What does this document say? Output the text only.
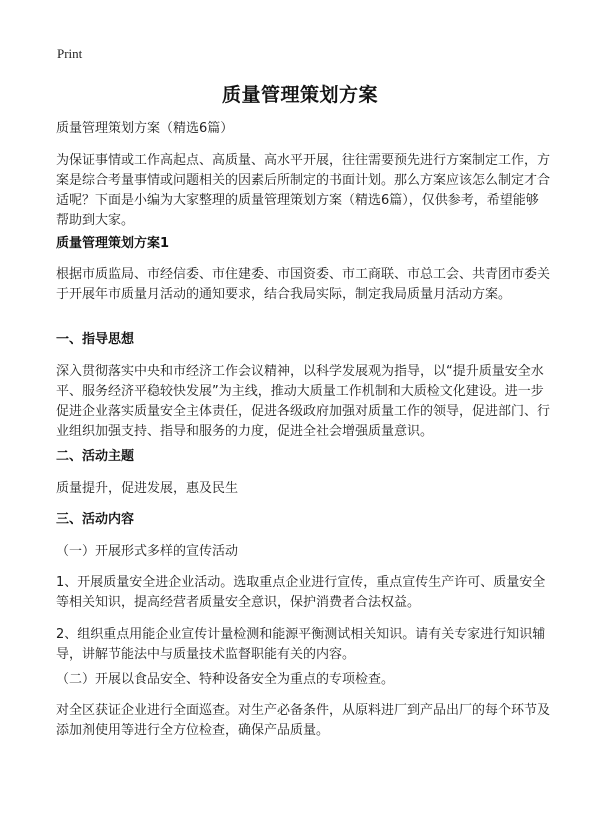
Print
质量管理策划方案
质量管理策划方案（精选6篇）
为保证事情或工作高起点、高质量、高水平开展，往往需要预先进行方案制定工作，方案是综合考量事情或问题相关的因素后所制定的书面计划。那么方案应该怎么制定才合适呢？下面是小编为大家整理的质量管理策划方案（精选6篇），仅供参考，希望能够帮助到大家。
质量管理策划方案1
根据市质监局、市经信委、市住建委、市国资委、市工商联、市总工会、共青团市委关于开展年市质量月活动的通知要求，结合我局实际，制定我局质量月活动方案。
一、指导思想
深入贯彻落实中央和市经济工作会议精神，以科学发展观为指导，以“提升质量安全水平、服务经济平稳较快发展”为主线，推动大质量工作机制和大质检文化建设。进一步促进企业落实质量安全主体责任，促进各级政府加强对质量工作的领导，促进部门、行业组织加强支持、指导和服务的力度，促进全社会增强质量意识。
二、活动主题
质量提升，促进发展，惠及民生
三、活动内容
（一）开展形式多样的宣传活动
1、开展质量安全进企业活动。选取重点企业进行宣传，重点宣传生产许可、质量安全等相关知识，提高经营者质量安全意识，保护消费者合法权益。
2、组织重点用能企业宣传计量检测和能源平衡测试相关知识。请有关专家进行知识辅导，讲解节能法中与质量技术监督职能有关的内容。
（二）开展以食品安全、特种设备安全为重点的专项检查。
对全区获证企业进行全面巡查。对生产必备条件，从原料进厂到产品出厂的每个环节及添加剂使用等进行全方位检查，确保产品质量。
